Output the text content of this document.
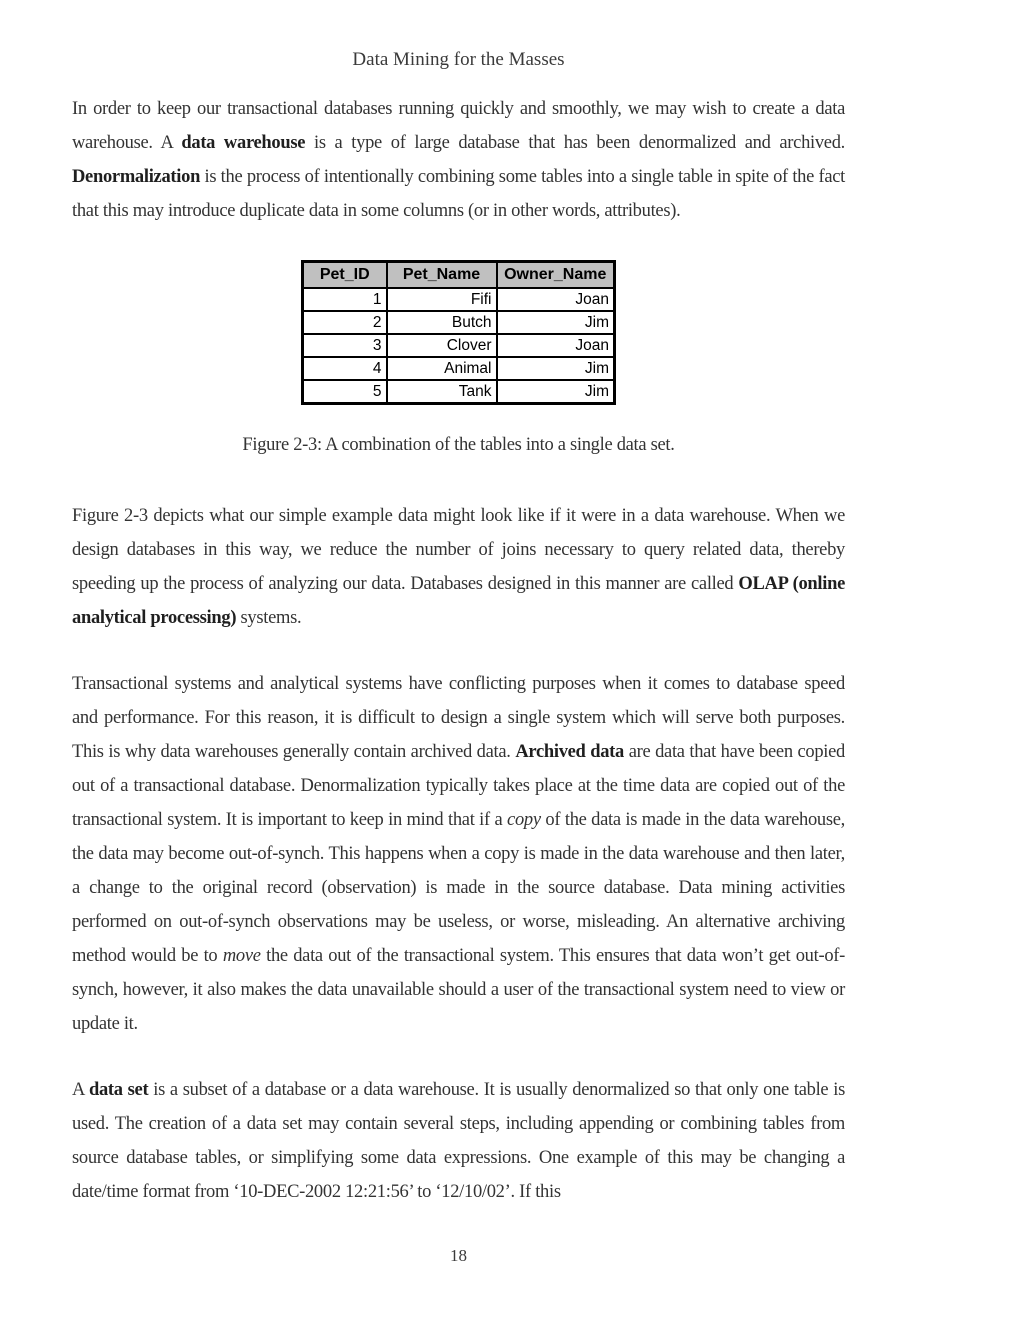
Data Mining for the Masses

In order to keep our transactional databases running quickly and smoothly, we may wish to create a data warehouse. A data warehouse is a type of large database that has been denormalized and archived. Denormalization is the process of intentionally combining some tables into a single table in spite of the fact that this may introduce duplicate data in some columns (or in other words, attributes).

Pet_ID	Pet_Name	Owner_Name
1	Fifi	Joan
2	Butch	Jim
3	Clover	Joan
4	Animal	Jim
5	Tank	Jim
Figure 2-3: A combination of the tables into a single data set.

Figure 2-3 depicts what our simple example data might look like if it were in a data warehouse. When we design databases in this way, we reduce the number of joins necessary to query related data, thereby speeding up the process of analyzing our data. Databases designed in this manner are called OLAP (online analytical processing) systems.

Transactional systems and analytical systems have conflicting purposes when it comes to database speed and performance. For this reason, it is difficult to design a single system which will serve both purposes. This is why data warehouses generally contain archived data. Archived data are data that have been copied out of a transactional database. Denormalization typically takes place at the time data are copied out of the transactional system. It is important to keep in mind that if a copy of the data is made in the data warehouse, the data may become out-of-synch. This happens when a copy is made in the data warehouse and then later, a change to the original record (observation) is made in the source database. Data mining activities performed on out-of-synch observations may be useless, or worse, misleading. An alternative archiving method would be to move the data out of the transactional system. This ensures that data won’t get out-of-synch, however, it also makes the data unavailable should a user of the transactional system need to view or update it.

A data set is a subset of a database or a data warehouse. It is usually denormalized so that only one table is used. The creation of a data set may contain several steps, including appending or combining tables from source database tables, or simplifying some data expressions. One example of this may be changing a date/time format from ‘10-DEC-2002 12:21:56’ to ‘12/10/02’. If this

18
